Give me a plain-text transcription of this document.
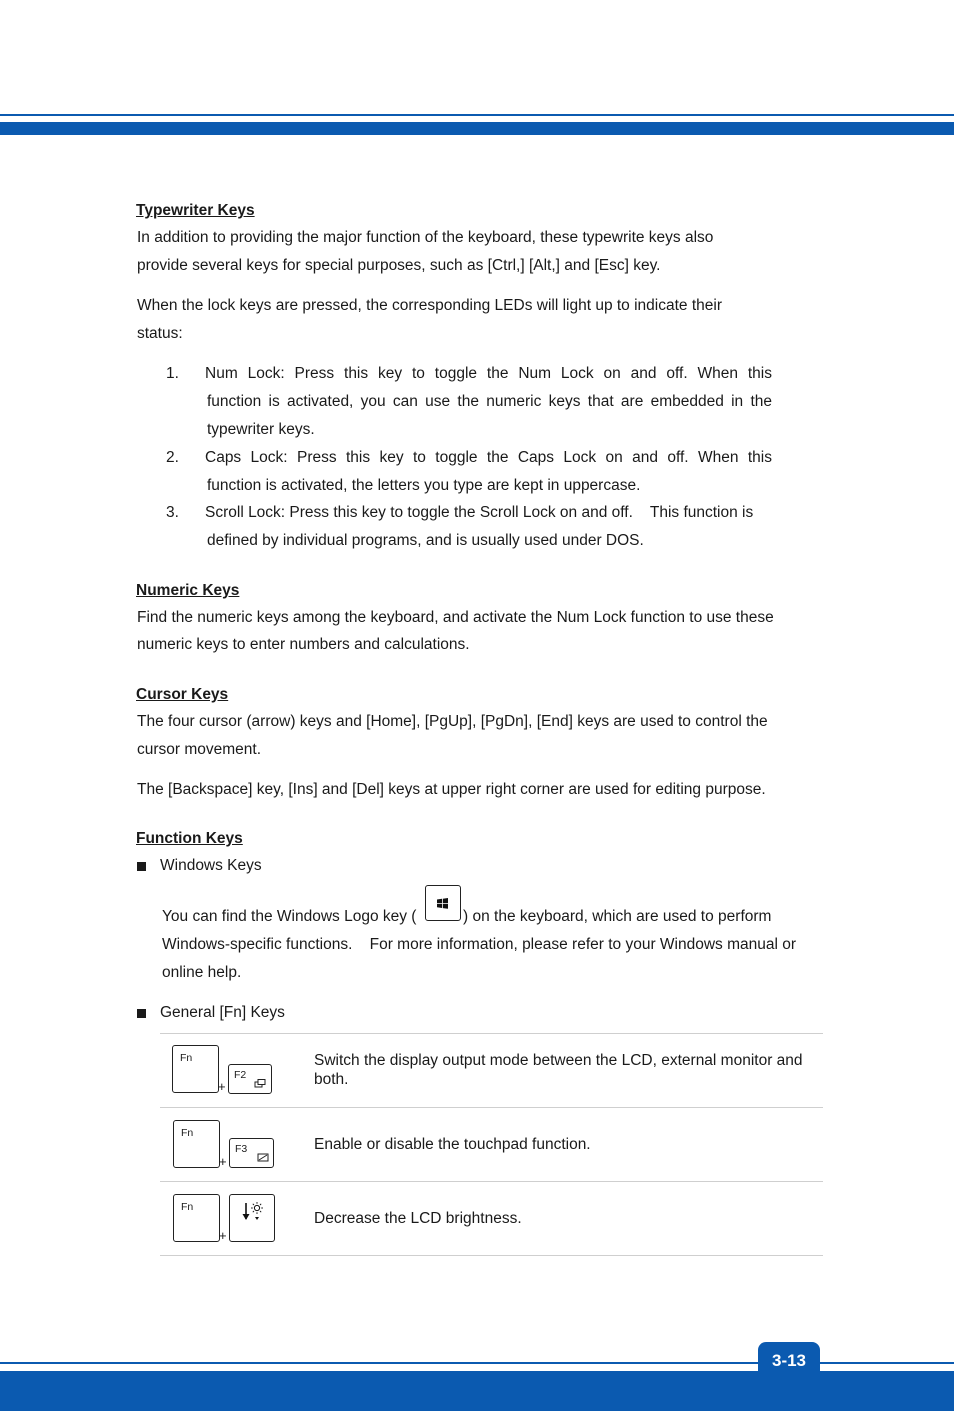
3-13
Typewriter Keys
In addition to providing the major function of the keyboard, these typewrite keys also
provide several keys for special purposes, such as [Ctrl,] [Alt,] and [Esc] key.
When the lock keys are pressed, the corresponding LEDs will light up to indicate their
status:
1. Num Lock: Press this key to toggle the Num Lock on and off. When this
function is activated, you can use the numeric keys that are embedded in the
typewriter keys.
2. Caps Lock: Press this key to toggle the Caps Lock on and off. When this
function is activated, the letters you type are kept in uppercase.
3. Scroll Lock: Press this key to toggle the Scroll Lock on and off.    This function is
defined by individual programs, and is usually used under DOS.
Numeric Keys
Find the numeric keys among the keyboard, and activate the Num Lock function to use these
numeric keys to enter numbers and calculations.
Cursor Keys
The four cursor (arrow) keys and [Home], [PgUp], [PgDn], [End] keys are used to control the
cursor movement.
The [Backspace] key, [Ins] and [Del] keys at upper right corner are used for editing purpose.
Function Keys
Windows Keys
You can find the Windows Logo key (	) on the keyboard, which are used to perform
Windows-specific functions.    For more information, please refer to your Windows manual or
online help.
General [Fn] Keys
Fn
+
F2
Switch the display output mode between the LCD, external monitor and both.
Fn
+
F3	Enable or disable the touchpad function.
Fn
+
Decrease the LCD brightness.
